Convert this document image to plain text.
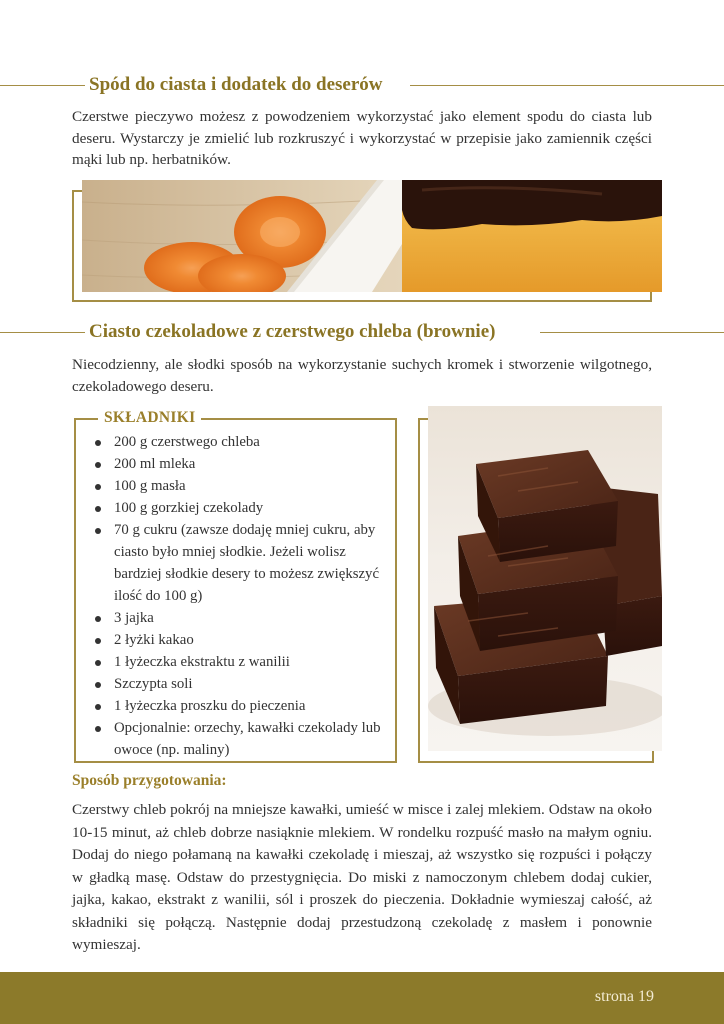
Spód do ciasta i dodatek do deserów

Czerstwe pieczywo możesz z powodzeniem wykorzystać jako element spodu do ciasta lub deseru. Wystarczy je zmielić lub rozkruszyć i wykorzystać w przepisie jako zamiennik części mąki lub np. herbatników.

Ciasto czekoladowe z czerstwego chleba (brownie)

Niecodzienny, ale słodki sposób na wykorzystanie suchych kromek i stworzenie wilgotnego, czekoladowego deseru.

SKŁADNIKI
200 g czerstwego chleba
200 ml mleka
100 g masła
100 g gorzkiej czekolady
70 g cukru (zawsze dodaję mniej cukru, aby ciasto było mniej słodkie. Jeżeli wolisz bardziej słodkie desery to możesz zwiększyć ilość do 100 g)
3 jajka
2 łyżki kakao
1 łyżeczka ekstraktu z wanilii
Szczypta soli
1 łyżeczka proszku do pieczenia
Opcjonalnie: orzechy, kawałki czekolady lub owoce (np. maliny)
Sposób przygotowania:

Czerstwy chleb pokrój na mniejsze kawałki, umieść w misce i zalej mlekiem. Odstaw na około 10-15 minut, aż chleb dobrze nasiąknie mlekiem. W rondelku rozpuść masło na małym ogniu. Dodaj do niego połamaną na kawałki czekoladę i mieszaj, aż wszystko się rozpuści i połączy w gładką masę. Odstaw do przestygnięcia. Do miski z namoczonym chlebem dodaj cukier, jajka, kakao, ekstrakt z wanilii, sól i proszek do pieczenia. Dokładnie wymieszaj całość, aż składniki się połączą. Następnie dodaj przestudzoną czekoladę z masłem i ponownie wymieszaj.

strona 19
